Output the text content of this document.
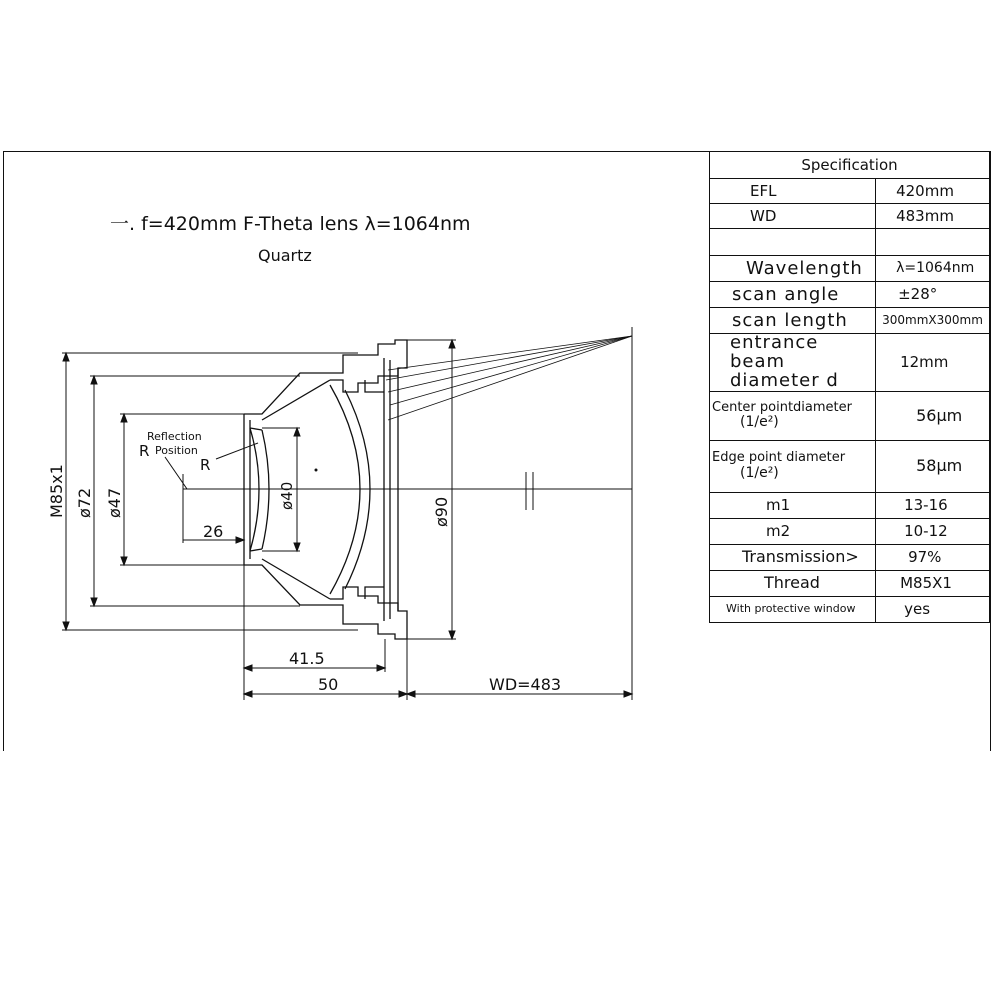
一. f=420mm F-Theta lens λ=1064nm
Quartz
M85x1 ø72 ø47	ø40
ø90
26
41.5
50	WD=483
Reflection
Position
R
R
Specification	
EFL	420mm
WD	483mm

Wavelength	λ=1064nm
scan angle	±28°
scan length	300mmX300mm
entrance beam diameter d	12mm
Center pointdiameter
(1/e²)	56μm
Edge point diameter
(1/e²)	58μm
m1	13-16
m2	10-12
Transmission>	97%
Thread	M85X1
With protective window	yes
